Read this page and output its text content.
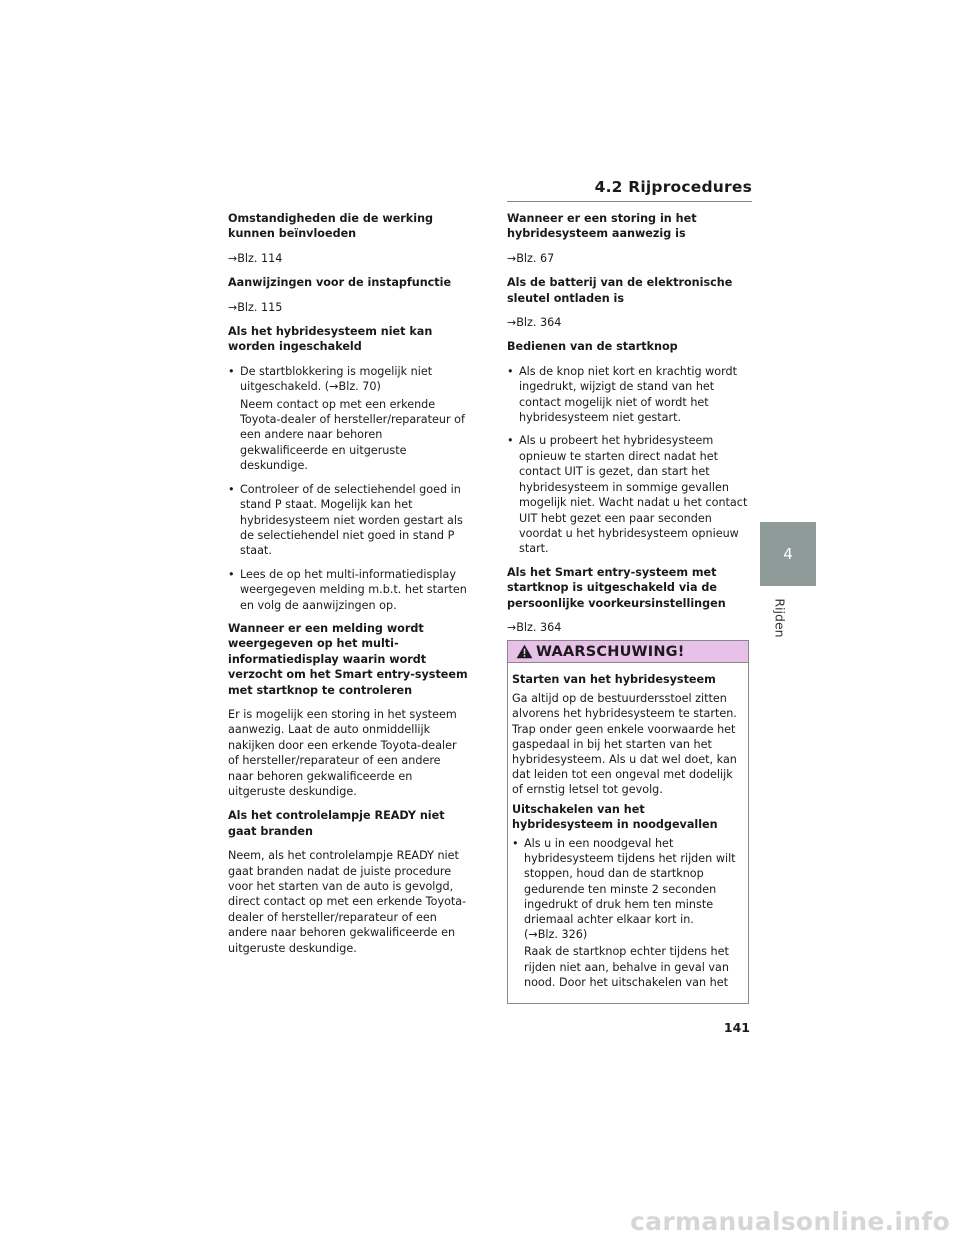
4.2 Rijprocedures
Omstandigheden die de werking kunnen beïnvloeden
→Blz. 114
Aanwijzingen voor de instapfunctie
→Blz. 115
Als het hybridesysteem niet kan worden ingeschakeld
• De startblokkering is mogelijk niet uitgeschakeld. (→Blz. 70)
Neem contact op met een erkende Toyota-dealer of hersteller/reparateur of een andere naar behoren gekwalificeerde en uitgeruste deskundige.
• Controleer of de selectiehendel goed in stand P staat. Mogelijk kan het hybridesysteem niet worden gestart als de selectiehendel niet goed in stand P staat.
• Lees de op het multi-informatiedisplay weergegeven melding m.b.t. het starten en volg de aanwijzingen op.
Wanneer er een melding wordt weergegeven op het multi-informatiedisplay waarin wordt verzocht om het Smart entry-systeem met startknop te controleren
Er is mogelijk een storing in het systeem aanwezig. Laat de auto onmiddellijk nakijken door een erkende Toyota-dealer of hersteller/reparateur of een andere naar behoren gekwalificeerde en uitgeruste deskundige.
Als het controlelampje READY niet gaat branden
Neem, als het controlelampje READY niet gaat branden nadat de juiste procedure voor het starten van de auto is gevolgd, direct contact op met een erkende Toyota-dealer of hersteller/reparateur of een andere naar behoren gekwalificeerde en uitgeruste deskundige.
Wanneer er een storing in het hybridesysteem aanwezig is
→Blz. 67
Als de batterij van de elektronische sleutel ontladen is
→Blz. 364
Bedienen van de startknop
• Als de knop niet kort en krachtig wordt ingedrukt, wijzigt de stand van het contact mogelijk niet of wordt het hybridesysteem niet gestart.
• Als u probeert het hybridesysteem opnieuw te starten direct nadat het contact UIT is gezet, dan start het hybridesysteem in sommige gevallen mogelijk niet. Wacht nadat u het contact UIT hebt gezet een paar seconden voordat u het hybridesysteem opnieuw start.
Als het Smart entry-systeem met startknop is uitgeschakeld via de persoonlijke voorkeursinstellingen
→Blz. 364
WAARSCHUWING!
Starten van het hybridesysteem
Ga altijd op de bestuurdersstoel zitten alvorens het hybridesysteem te starten. Trap onder geen enkele voorwaarde het gaspedaal in bij het starten van het hybridesysteem. Als u dat wel doet, kan dat leiden tot een ongeval met dodelijk of ernstig letsel tot gevolg.
Uitschakelen van het hybridesysteem in noodgevallen
• Als u in een noodgeval het hybridesysteem tijdens het rijden wilt stoppen, houd dan de startknop gedurende ten minste 2 seconden ingedrukt of druk hem ten minste driemaal achter elkaar kort in.
(→Blz. 326)
Raak de startknop echter tijdens het rijden niet aan, behalve in geval van nood. Door het uitschakelen van het
4
Rijden
141
carmanualsonline.info
